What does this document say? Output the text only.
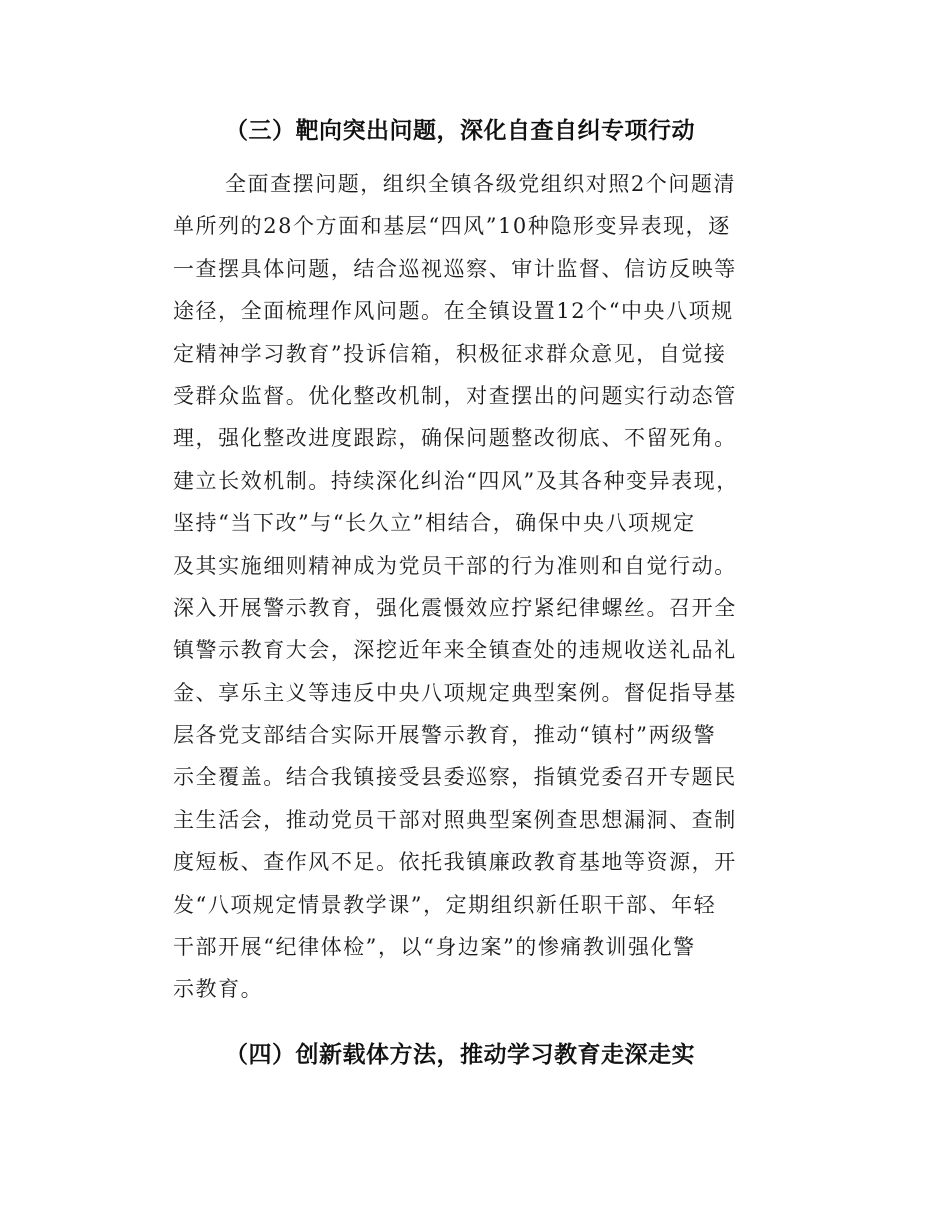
（三）靶向突出问题，深化自查自纠专项行动
全面查摆问题，组织全镇各级党组织对照2个问题清
单所列的28个方面和基层“四风”10种隐形变异表现，逐
一查摆具体问题，结合巡视巡察、审计监督、信访反映等
途径，全面梳理作风问题。在全镇设置12个“中央八项规
定精神学习教育”投诉信箱，积极征求群众意见，自觉接
受群众监督。优化整改机制，对查摆出的问题实行动态管
理，强化整改进度跟踪，确保问题整改彻底、不留死角。
建立长效机制。持续深化纠治“四风”及其各种变异表现，
坚持“当下改”与“长久立”相结合，确保中央八项规定
及其实施细则精神成为党员干部的行为准则和自觉行动。
深入开展警示教育，强化震慑效应拧紧纪律螺丝。召开全
镇警示教育大会，深挖近年来全镇查处的违规收送礼品礼
金、享乐主义等违反中央八项规定典型案例。督促指导基
层各党支部结合实际开展警示教育，推动“镇村”两级警
示全覆盖。结合我镇接受县委巡察，指镇党委召开专题民
主生活会，推动党员干部对照典型案例查思想漏洞、查制
度短板、查作风不足。依托我镇廉政教育基地等资源，开
发“八项规定情景教学课”，定期组织新任职干部、年轻
干部开展“纪律体检”，以“身边案”的惨痛教训强化警
示教育。
（四）创新载体方法，推动学习教育走深走实
